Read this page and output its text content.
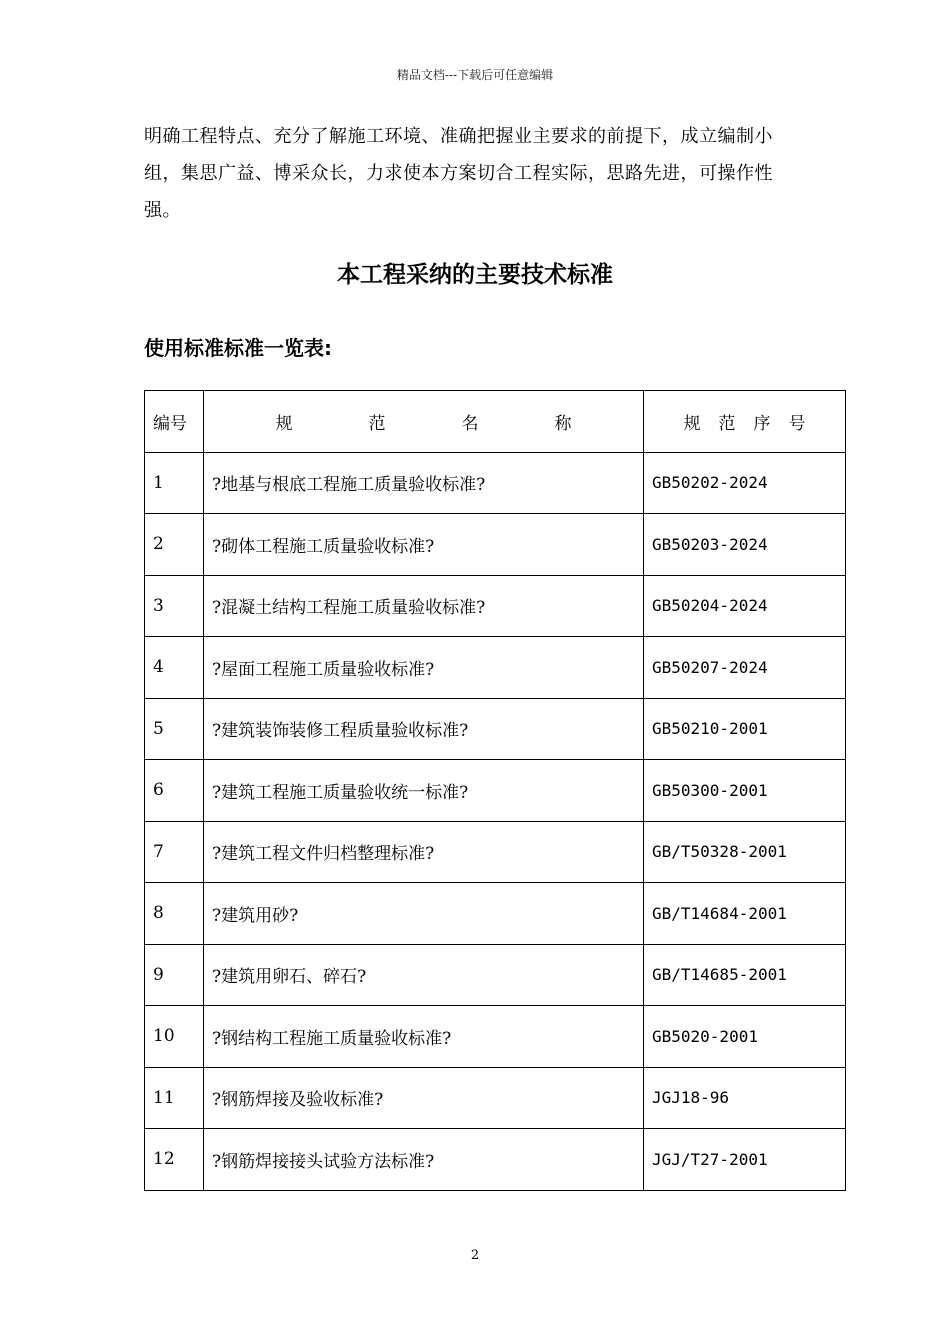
精品文档---下载后可任意编辑
明确工程特点、充分了解施工环境、准确把握业主要求的前提下，成立编制小
组，集思广益、博采众长，力求使本方案切合工程实际，思路先进，可操作性
强。
本工程采纳的主要技术标准
使用标准标准一览表:
编号	规 范 名 称	规 范 序 号
1	?地基与根底工程施工质量验收标准?	GB50202-2024
2	?砌体工程施工质量验收标准?	GB50203-2024
3	?混凝土结构工程施工质量验收标准?	GB50204-2024
4	?屋面工程施工质量验收标准?	GB50207-2024
5	?建筑装饰装修工程质量验收标准?	GB50210-2001
6	?建筑工程施工质量验收统一标准?	GB50300-2001
7	?建筑工程文件归档整理标准?	GB/T50328-2001
8	?建筑用砂?	GB/T14684-2001
9	?建筑用卵石、碎石?	GB/T14685-2001
10	?钢结构工程施工质量验收标准?	GB5020-2001
11	?钢筋焊接及验收标准?	JGJ18-96
12	?钢筋焊接接头试验方法标准?	JGJ/T27-2001
2
